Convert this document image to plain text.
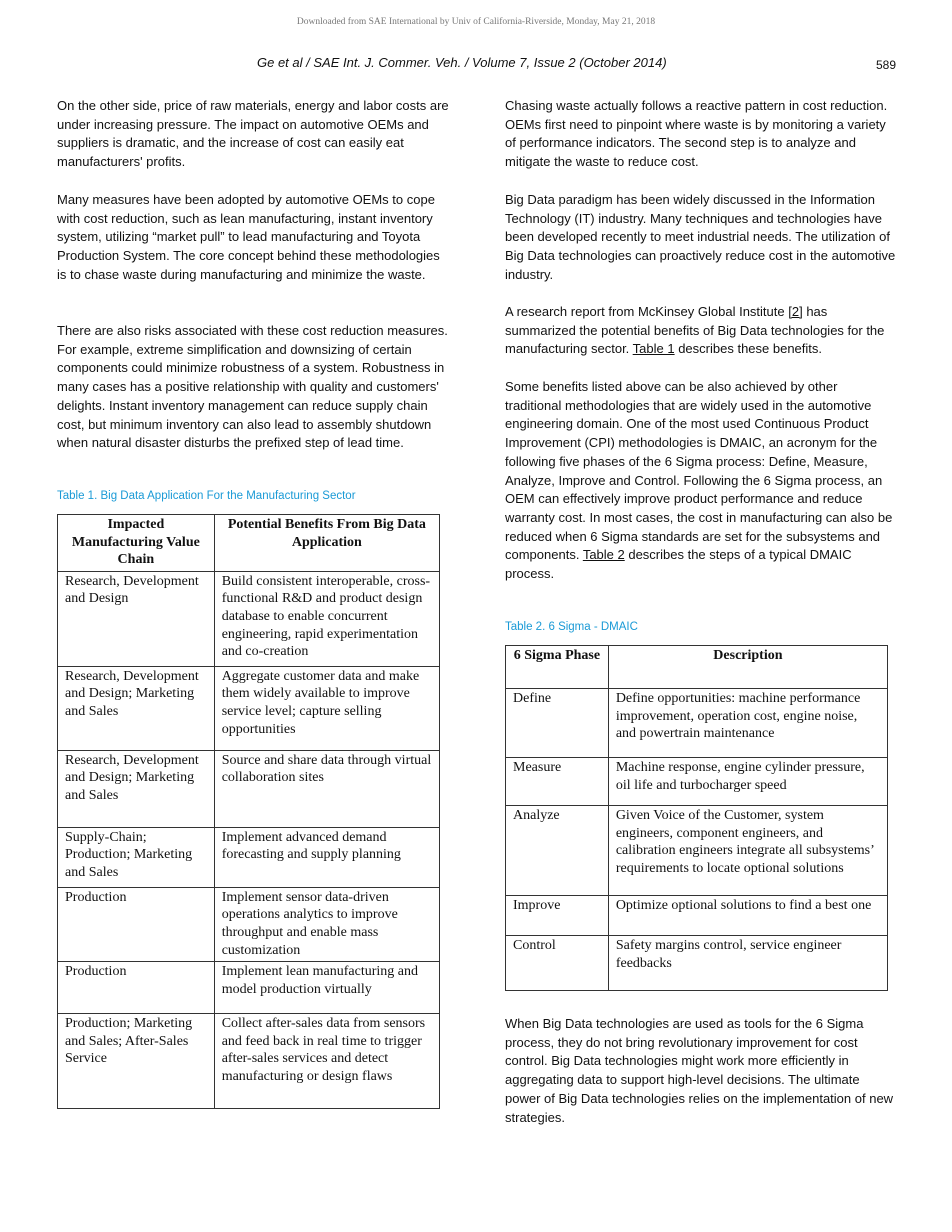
Downloaded from SAE International by Univ of California-Riverside, Monday, May 21, 2018
Ge et al / SAE Int. J. Commer. Veh. / Volume 7, Issue 2 (October 2014)	589

On the other side, price of raw materials, energy and labor costs are under increasing pressure. The impact on automotive OEMs and suppliers is dramatic, and the increase of cost can easily eat manufacturers' profits.

Many measures have been adopted by automotive OEMs to cope with cost reduction, such as lean manufacturing, instant inventory system, utilizing “market pull” to lead manufacturing and Toyota Production System. The core concept behind these methodologies is to chase waste during manufacturing and minimize the waste.

There are also risks associated with these cost reduction measures. For example, extreme simplification and downsizing of certain components could minimize robustness of a system. Robustness in many cases has a positive relationship with quality and customers' delights. Instant inventory management can reduce supply chain cost, but minimum inventory can also lead to assembly shutdown when natural disaster disturbs the prefixed step of lead time.

Table 1. Big Data Application For the Manufacturing Sector
Impacted Manufacturing Value Chain	Potential Benefits From Big Data Application
Research, Development and Design	Build consistent interoperable, cross-functional R&D and product design database to enable concurrent engineering, rapid experimentation and co-creation
Research, Development and Design; Marketing and Sales	Aggregate customer data and make them widely available to improve service level; capture selling opportunities
Research, Development and Design; Marketing and Sales	Source and share data through virtual collaboration sites
Supply-Chain; Production; Marketing and Sales	Implement advanced demand forecasting and supply planning
Production	Implement sensor data-driven operations analytics to improve throughput and enable mass customization
Production	Implement lean manufacturing and model production virtually
Production; Marketing and Sales; After-Sales Service	Collect after-sales data from sensors and feed back in real time to trigger after-sales services and detect manufacturing or design flaws

Chasing waste actually follows a reactive pattern in cost reduction. OEMs first need to pinpoint where waste is by monitoring a variety of performance indicators. The second step is to analyze and mitigate the waste to reduce cost.

Big Data paradigm has been widely discussed in the Information Technology (IT) industry. Many techniques and technologies have been developed recently to meet industrial needs. The utilization of Big Data technologies can proactively reduce cost in the automotive industry.

A research report from McKinsey Global Institute [2] has summarized the potential benefits of Big Data technologies for the manufacturing sector. Table 1 describes these benefits.

Some benefits listed above can be also achieved by other traditional methodologies that are widely used in the automotive engineering domain. One of the most used Continuous Product Improvement (CPI) methodologies is DMAIC, an acronym for the following five phases of the 6 Sigma process: Define, Measure, Analyze, Improve and Control. Following the 6 Sigma process, an OEM can effectively improve product performance and reduce warranty cost. In most cases, the cost in manufacturing can also be reduced when 6 Sigma standards are set for the subsystems and components. Table 2 describes the steps of a typical DMAIC process.

Table 2. 6 Sigma - DMAIC
6 Sigma Phase	Description
Define	Define opportunities: machine performance improvement, operation cost, engine noise, and powertrain maintenance
Measure	Machine response, engine cylinder pressure, oil life and turbocharger speed
Analyze	Given Voice of the Customer, system engineers, component engineers, and calibration engineers integrate all subsystems’ requirements to locate optional solutions
Improve	Optimize optional solutions to find a best one
Control	Safety margins control, service engineer feedbacks

When Big Data technologies are used as tools for the 6 Sigma process, they do not bring revolutionary improvement for cost control. Big Data technologies might work more efficiently in aggregating data to support high-level decisions. The ultimate power of Big Data technologies relies on the implementation of new strategies.
